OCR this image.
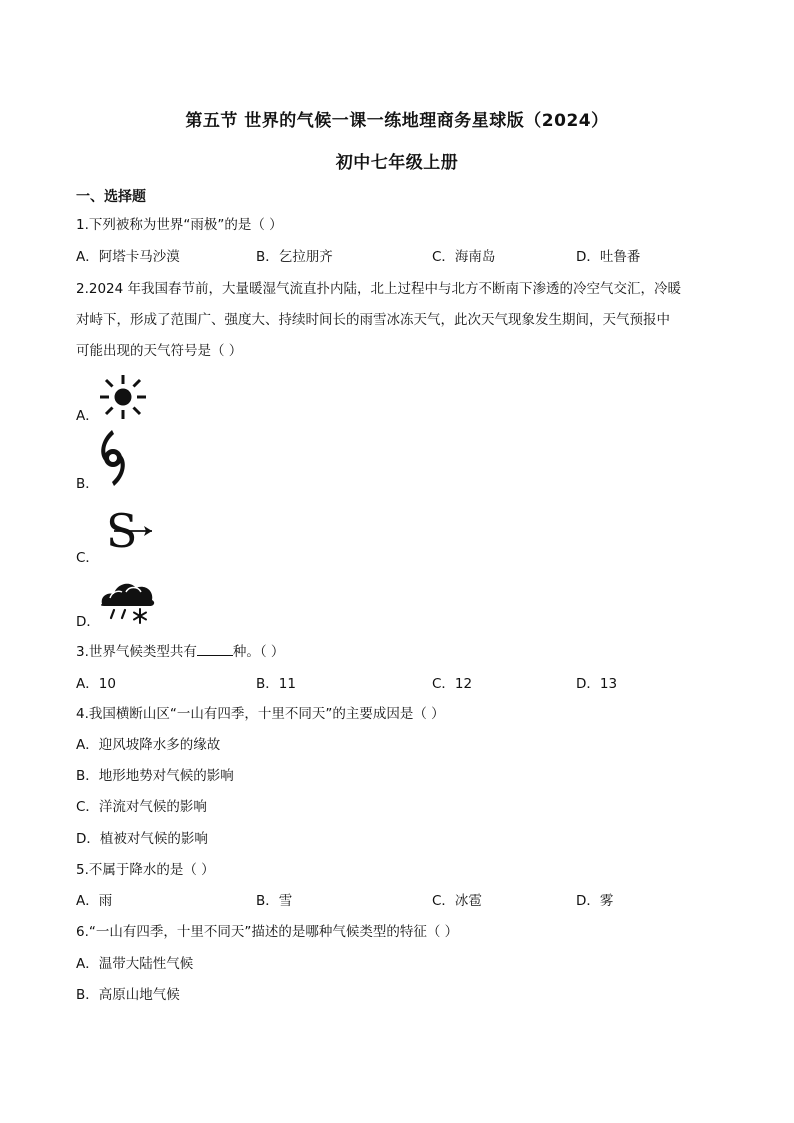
第五节 世界的气候一课一练地理商务星球版（2024）
初中七年级上册
一、选择题
1.下列被称为世界“雨极”的是（ ）
A．阿塔卡马沙漠	B．乞拉朋齐	C．海南岛	D．吐鲁番
2.2024 年我国春节前，大量暖湿气流直扑内陆，北上过程中与北方不断南下渗透的冷空气交汇，冷暖
对峙下，形成了范围广、强度大、持续时间长的雨雪冰冻天气，此次天气现象发生期间，天气预报中
可能出现的天气符号是（ ）
A．
B．
C． S
D．
3.世界气候类型共有	种。（ ）
A．10	B．11	C．12	D．13
4.我国横断山区“一山有四季，十里不同天”的主要成因是（ ）
A．迎风坡降水多的缘故
B．地形地势对气候的影响
C．洋流对气候的影响
D．植被对气候的影响
5.不属于降水的是（ ）
A．雨	B．雪	C．冰雹	D．雾
6.“一山有四季，十里不同天”描述的是哪种气候类型的特征（ ）
A．温带大陆性气候
B．高原山地气候
